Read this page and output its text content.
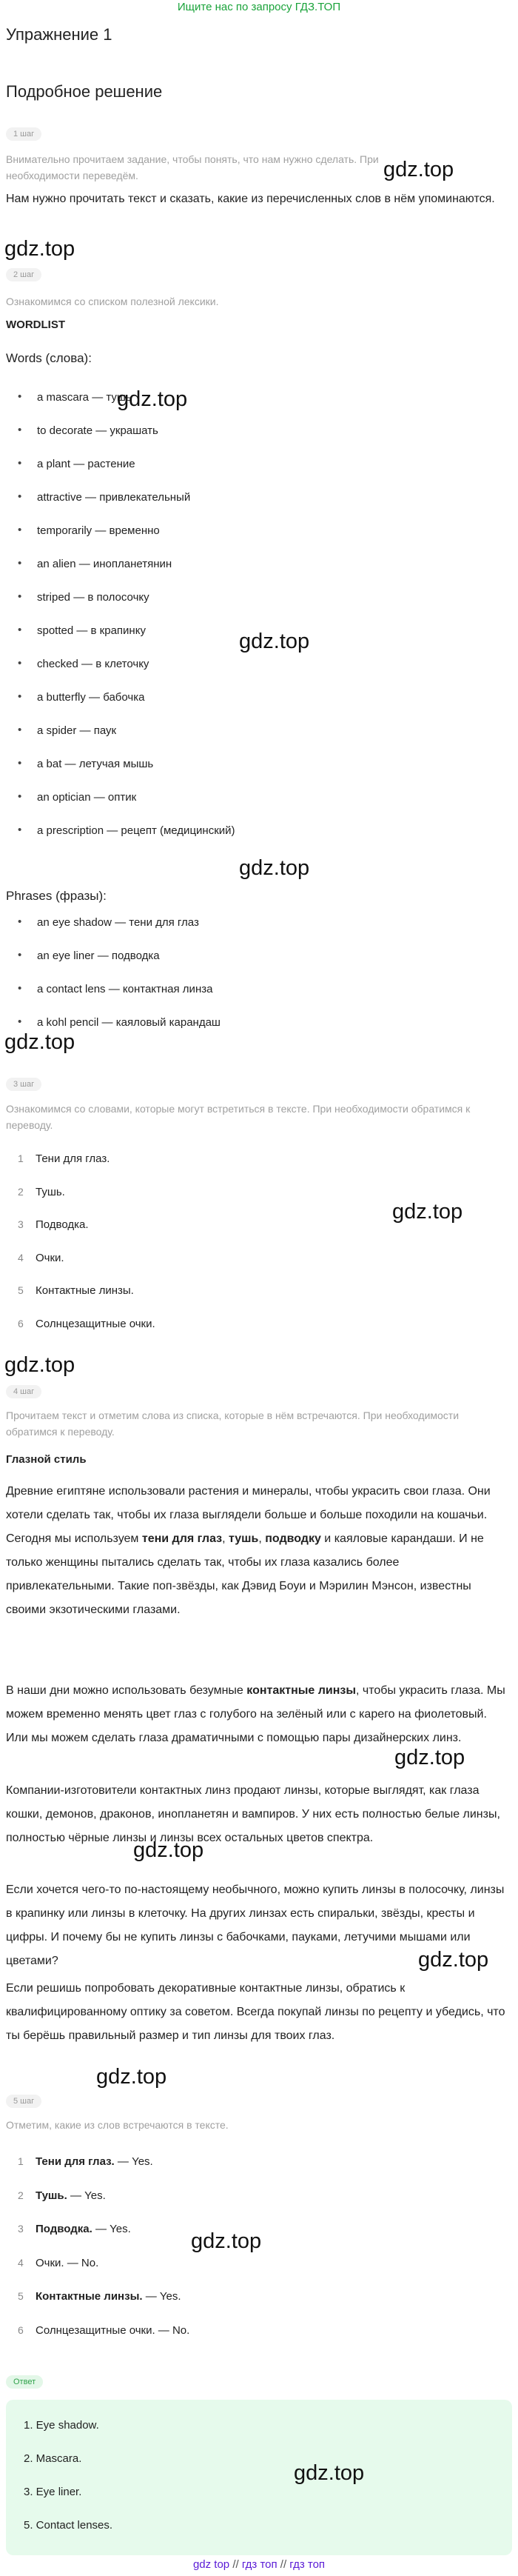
Ищите нас по запросу ГДЗ.ТОП
Упражнение 1
Подробное решение
1 шаг
Внимательно прочитаем задание, чтобы понять, что нам нужно сделать. При необходимости переведём.
Нам нужно прочитать текст и сказать, какие из перечисленных слов в нём упоминаются.
2 шаг
Ознакомимся со списком полезной лексики.
WORDLIST
Words (слова):
• a mascara — тушь
• to decorate — украшать
• a plant — растение
• attractive — привлекательный
• temporarily — временно
• an alien — инопланетянин
• striped — в полосочку
• spotted — в крапинку
• checked — в клеточку
• a butterfly — бабочка
• a spider — паук
• a bat — летучая мышь
• an optician — оптик
• a prescription — рецепт (медицинский)
Phrases (фразы):
• an eye shadow — тени для глаз
• an eye liner — подводка
• a contact lens — контактная линза
• a kohl pencil — каяловый карандаш
3 шаг
Ознакомимся со словами, которые могут встретиться в тексте. При необходимости обратимся к переводу.
1 Тени для глаз.
2 Тушь.
3 Подводка.
4 Очки.
5 Контактные линзы.
6 Солнцезащитные очки.
4 шаг
Прочитаем текст и отметим слова из списка, которые в нём встречаются. При необходимости обратимся к переводу.
Глазной стиль
Древние египтяне использовали растения и минералы, чтобы украсить свои глаза. Они хотели сделать так, чтобы их глаза выглядели больше и больше походили на кошачьи. Сегодня мы используем тени для глаз, тушь, подводку и каяловые карандаши. И не только женщины пытались сделать так, чтобы их глаза казались более привлекательными. Такие поп-звёзды, как Дэвид Боуи и Мэрилин Мэнсон, известны своими экзотическими глазами.
В наши дни можно использовать безумные контактные линзы, чтобы украсить глаза. Мы можем временно менять цвет глаз с голубого на зелёный или с карего на фиолетовый. Или мы можем сделать глаза драматичными с помощью пары дизайнерских линз.
Компании-изготовители контактных линз продают линзы, которые выглядят, как глаза кошки, демонов, драконов, инопланетян и вампиров. У них есть полностью белые линзы, полностью чёрные линзы и линзы всех остальных цветов спектра.
Если хочется чего-то по-настоящему необычного, можно купить линзы в полосочку, линзы в крапинку или линзы в клеточку. На других линзах есть спиральки, звёзды, кресты и цифры. И почему бы не купить линзы с бабочками, пауками, летучими мышами или цветами?
Если решишь попробовать декоративные контактные линзы, обратись к квалифицированному оптику за советом. Всегда покупай линзы по рецепту и убедись, что ты берёшь правильный размер и тип линзы для твоих глаз.
5 шаг
Отметим, какие из слов встречаются в тексте.
1 Тени для глаз. — Yes.
2 Тушь. — Yes.
3 Подводка. — Yes.
4 Очки. — No.
5 Контактные линзы. — Yes.
6 Солнцезащитные очки. — No.
Ответ
1. Eye shadow.
2. Mascara.
3. Eye liner.
5. Contact lenses.
gdz.top
gdz.top
gdz.top
gdz.top
gdz.top
gdz.top
gdz.top
gdz.top
gdz.top
gdz.top
gdz.top
gdz.top
gdz.top
gdz.top
gdz top // гдз топ // гдз топ
